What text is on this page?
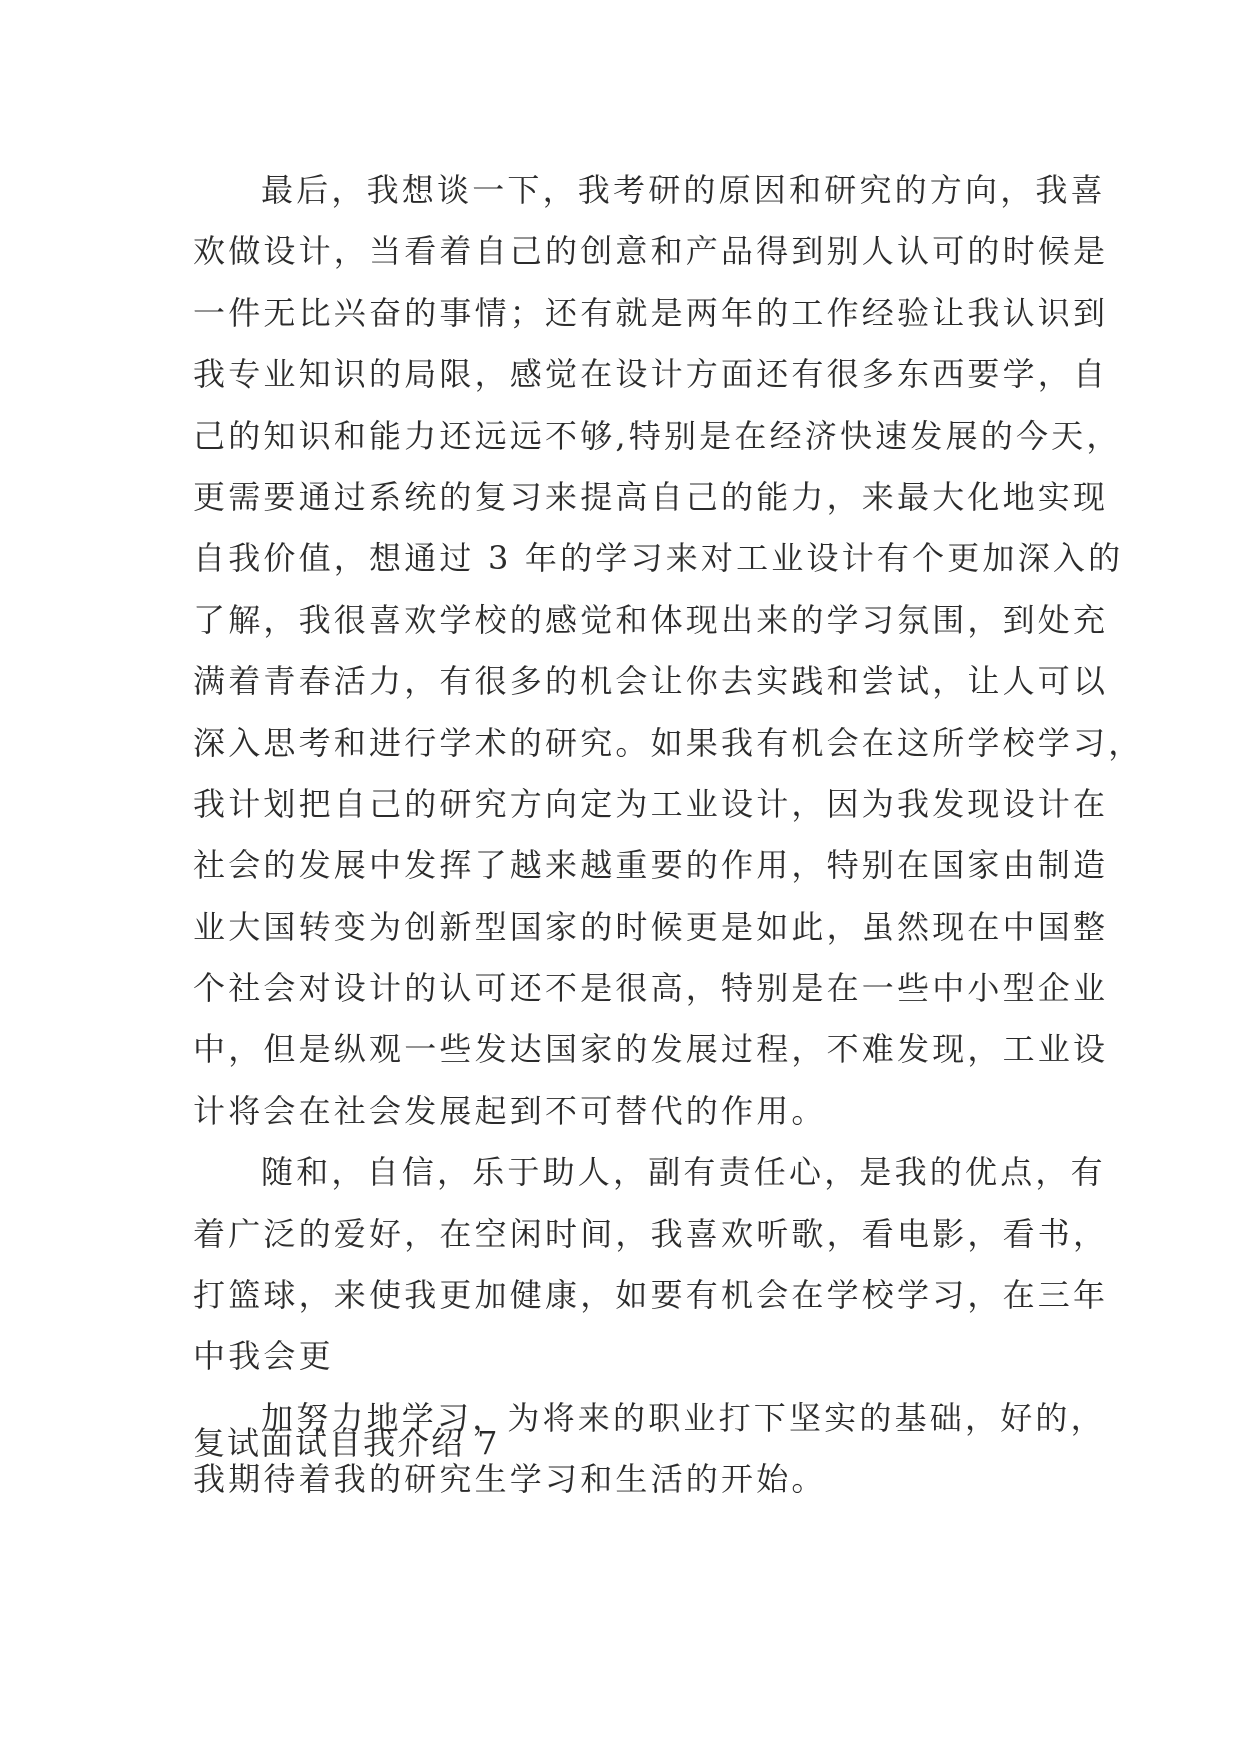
最后，我想谈一下，我考研的原因和研究的方向，我喜
欢做设计，当看着自己的创意和产品得到别人认可的时候是
一件无比兴奋的事情；还有就是两年的工作经验让我认识到
我专业知识的局限，感觉在设计方面还有很多东西要学，自
己的知识和能力还远远不够,特别是在经济快速发展的今天，
更需要通过系统的复习来提高自己的能力，来最大化地实现
自我价值，想通过 3 年的学习来对工业设计有个更加深入的
了解，我很喜欢学校的感觉和体现出来的学习氛围，到处充
满着青春活力，有很多的机会让你去实践和尝试，让人可以
深入思考和进行学术的研究。如果我有机会在这所学校学习，
我计划把自己的研究方向定为工业设计，因为我发现设计在
社会的发展中发挥了越来越重要的作用，特别在国家由制造
业大国转变为创新型国家的时候更是如此，虽然现在中国整
个社会对设计的认可还不是很高，特别是在一些中小型企业
中，但是纵观一些发达国家的发展过程，不难发现，工业设
计将会在社会发展起到不可替代的作用。
随和，自信，乐于助人，副有责任心，是我的优点，有
着广泛的爱好，在空闲时间，我喜欢听歌，看电影，看书，
打篮球，来使我更加健康，如要有机会在学校学习，在三年
中我会更
加努力地学习，为将来的职业打下坚实的基础，好的，
我期待着我的研究生学习和生活的开始。
复试面试自我介绍 7
